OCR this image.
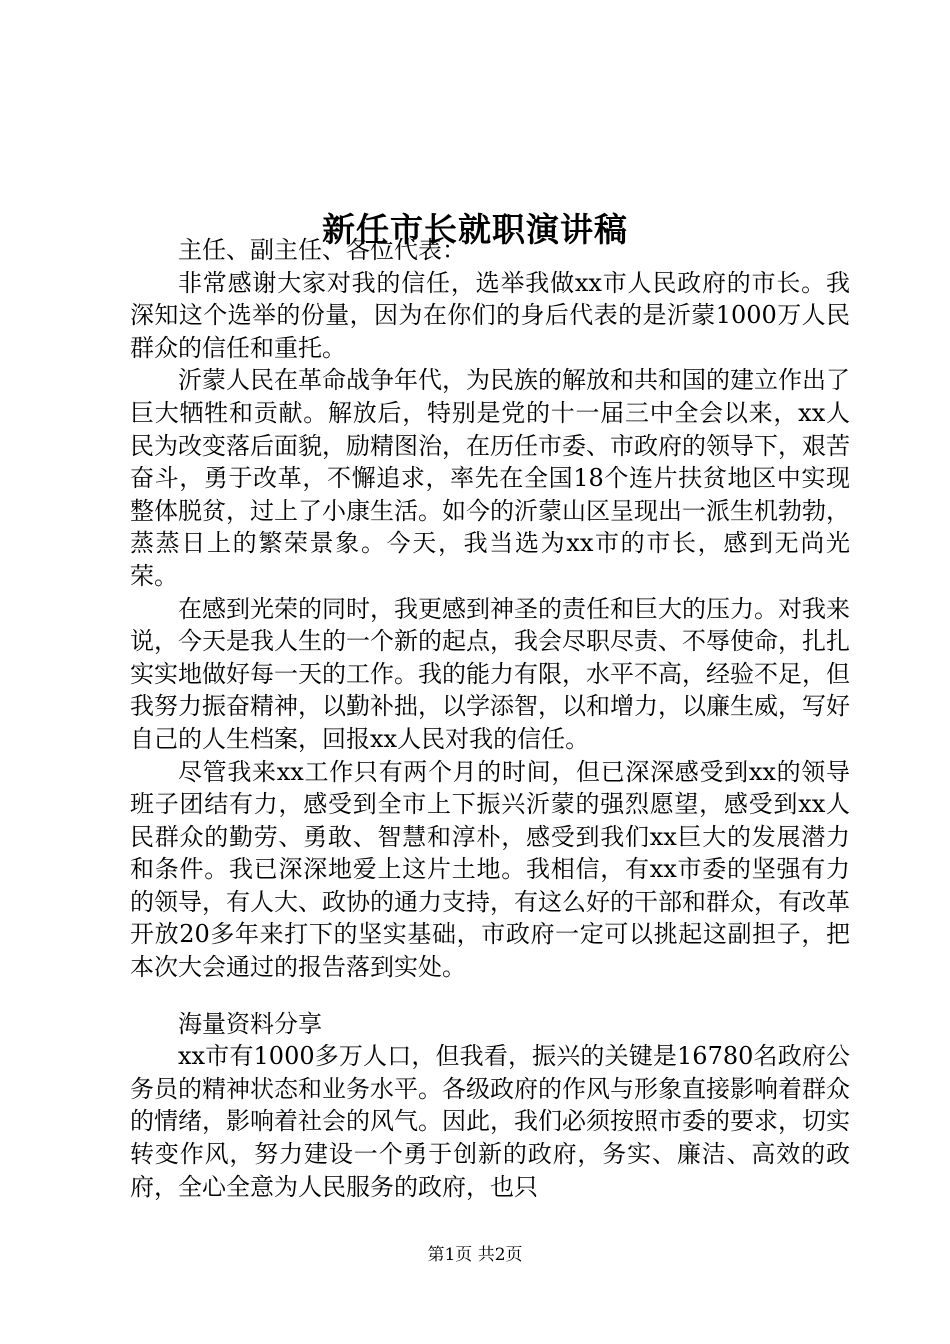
新任市长就职演讲稿

主任、副主任、各位代表：

非常感谢大家对我的信任，选举我做xx市人民政府的市长。我深知这个选举的份量，因为在你们的身后代表的是沂蒙1000万人民群众的信任和重托。

沂蒙人民在革命战争年代，为民族的解放和共和国的建立作出了巨大牺牲和贡献。解放后，特别是党的十一届三中全会以来，xx人民为改变落后面貌，励精图治，在历任市委、市政府的领导下，艰苦奋斗，勇于改革，不懈追求，率先在全国18个连片扶贫地区中实现整体脱贫，过上了小康生活。如今的沂蒙山区呈现出一派生机勃勃，蒸蒸日上的繁荣景象。今天，我当选为xx市的市长，感到无尚光荣。

在感到光荣的同时，我更感到神圣的责任和巨大的压力。对我来说，今天是我人生的一个新的起点，我会尽职尽责、不辱使命，扎扎实实地做好每一天的工作。我的能力有限，水平不高，经验不足，但我努力振奋精神，以勤补拙，以学添智，以和增力，以廉生威，写好自己的人生档案，回报xx人民对我的信任。

尽管我来xx工作只有两个月的时间，但已深深感受到xx的领导班子团结有力，感受到全市上下振兴沂蒙的强烈愿望，感受到xx人民群众的勤劳、勇敢、智慧和淳朴，感受到我们xx巨大的发展潜力和条件。我已深深地爱上这片土地。我相信，有xx市委的坚强有力的领导，有人大、政协的通力支持，有这么好的干部和群众，有改革开放20多年来打下的坚实基础，市政府一定可以挑起这副担子，把本次大会通过的报告落到实处。

海量资料分享

xx市有1000多万人口，但我看，振兴的关键是16780名政府公务员的精神状态和业务水平。各级政府的作风与形象直接影响着群众的情绪，影响着社会的风气。因此，我们必须按照市委的要求，切实转变作风，努力建设一个勇于创新的政府，务实、廉洁、高效的政府，全心全意为人民服务的政府，也只

第1页 共2页
